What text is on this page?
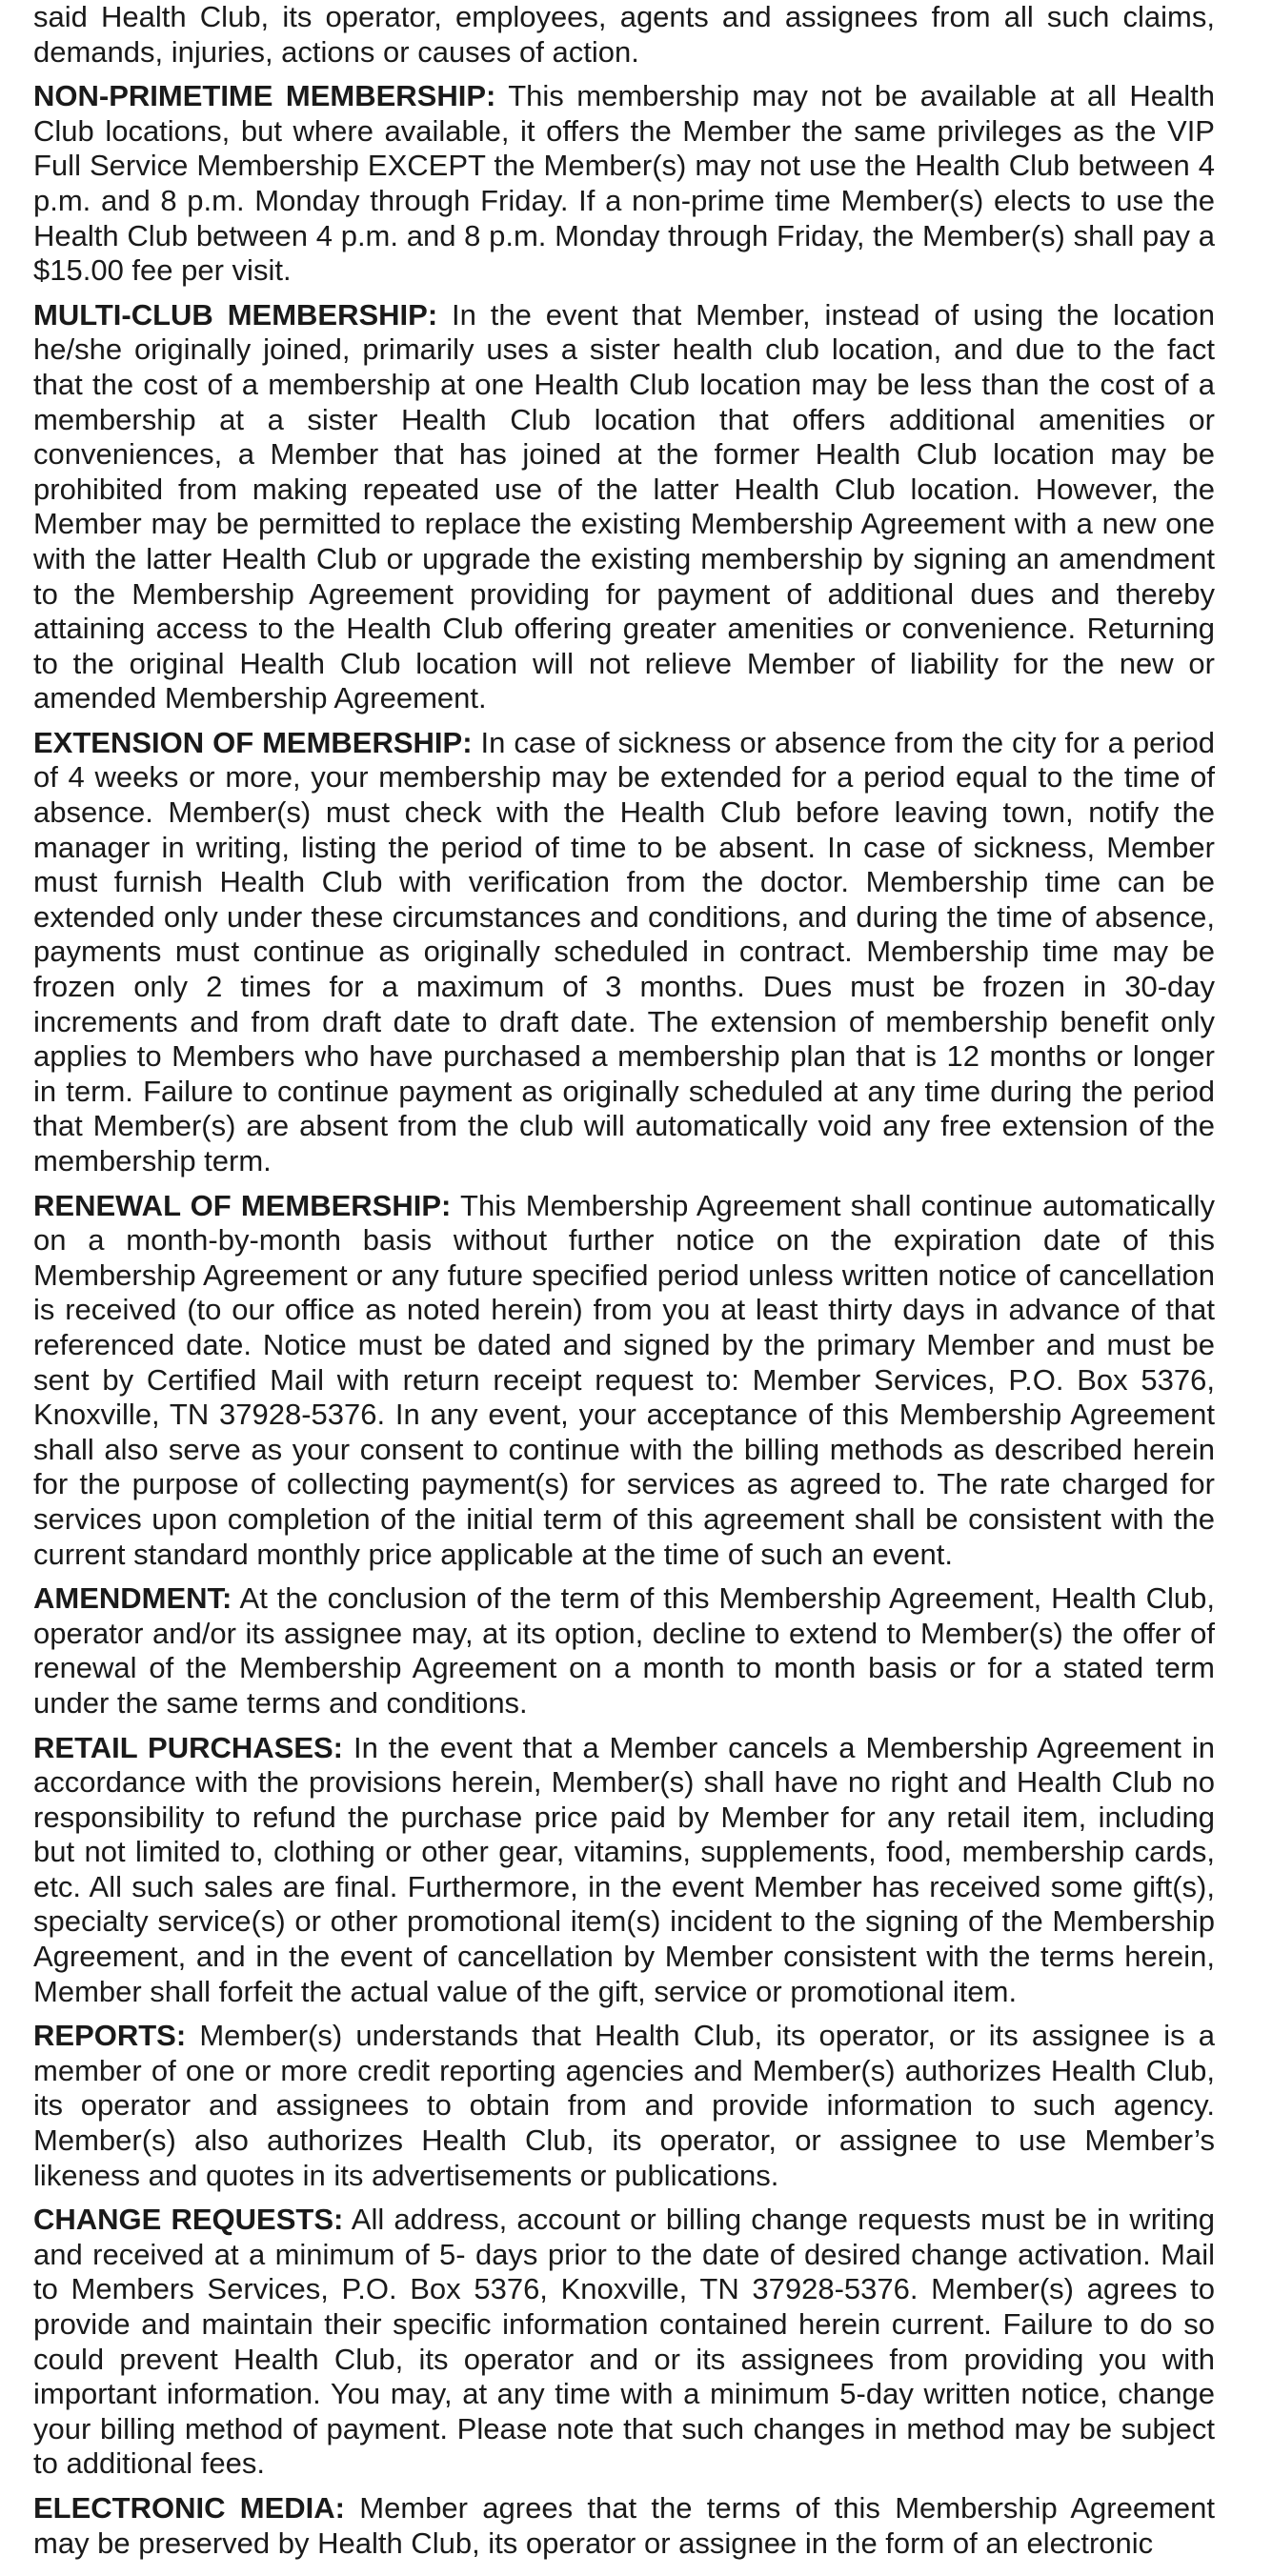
said Health Club, its operator, employees, agents and assignees from all such claims, demands, injuries, actions or causes of action.

NON-PRIMETIME MEMBERSHIP: This membership may not be available at all Health Club locations, but where available, it offers the Member the same privileges as the VIP Full Service Membership EXCEPT the Member(s) may not use the Health Club between 4 p.m. and 8 p.m. Monday through Friday. If a non-prime time Member(s) elects to use the Health Club between 4 p.m. and 8 p.m. Monday through Friday, the Member(s) shall pay a $15.00 fee per visit.

MULTI-CLUB MEMBERSHIP: In the event that Member, instead of using the location he/she originally joined, primarily uses a sister health club location, and due to the fact that the cost of a membership at one Health Club location may be less than the cost of a membership at a sister Health Club location that offers additional amenities or conveniences, a Member that has joined at the former Health Club location may be prohibited from making repeated use of the latter Health Club location. However, the Member may be permitted to replace the existing Membership Agreement with a new one with the latter Health Club or upgrade the existing membership by signing an amendment to the Membership Agreement providing for payment of additional dues and thereby attaining access to the Health Club offering greater amenities or convenience. Returning to the original Health Club location will not relieve Member of liability for the new or amended Membership Agreement.

EXTENSION OF MEMBERSHIP: In case of sickness or absence from the city for a period of 4 weeks or more, your membership may be extended for a period equal to the time of absence. Member(s) must check with the Health Club before leaving town, notify the manager in writing, listing the period of time to be absent. In case of sickness, Member must furnish Health Club with verification from the doctor. Membership time can be extended only under these circumstances and conditions, and during the time of absence, payments must continue as originally scheduled in contract. Membership time may be frozen only 2 times for a maximum of 3 months. Dues must be frozen in 30-day increments and from draft date to draft date. The extension of membership benefit only applies to Members who have purchased a membership plan that is 12 months or longer in term. Failure to continue payment as originally scheduled at any time during the period that Member(s) are absent from the club will automatically void any free extension of the membership term.

RENEWAL OF MEMBERSHIP: This Membership Agreement shall continue automatically on a month-by-month basis without further notice on the expiration date of this Membership Agreement or any future specified period unless written notice of cancellation is received (to our office as noted herein) from you at least thirty days in advance of that referenced date. Notice must be dated and signed by the primary Member and must be sent by Certified Mail with return receipt request to: Member Services, P.O. Box 5376, Knoxville, TN 37928-5376. In any event, your acceptance of this Membership Agreement shall also serve as your consent to continue with the billing methods as described herein for the purpose of collecting payment(s) for services as agreed to. The rate charged for services upon completion of the initial term of this agreement shall be consistent with the current standard monthly price applicable at the time of such an event.

AMENDMENT: At the conclusion of the term of this Membership Agreement, Health Club, operator and/or its assignee may, at its option, decline to extend to Member(s) the offer of renewal of the Membership Agreement on a month to month basis or for a stated term under the same terms and conditions.

RETAIL PURCHASES: In the event that a Member cancels a Membership Agreement in accordance with the provisions herein, Member(s) shall have no right and Health Club no responsibility to refund the purchase price paid by Member for any retail item, including but not limited to, clothing or other gear, vitamins, supplements, food, membership cards, etc. All such sales are final. Furthermore, in the event Member has received some gift(s), specialty service(s) or other promotional item(s) incident to the signing of the Membership Agreement, and in the event of cancellation by Member consistent with the terms herein, Member shall forfeit the actual value of the gift, service or promotional item.

REPORTS: Member(s) understands that Health Club, its operator, or its assignee is a member of one or more credit reporting agencies and Member(s) authorizes Health Club, its operator and assignees to obtain from and provide information to such agency. Member(s) also authorizes Health Club, its operator, or assignee to use Member’s likeness and quotes in its advertisements or publications.

CHANGE REQUESTS: All address, account or billing change requests must be in writing and received at a minimum of 5- days prior to the date of desired change activation. Mail to Members Services, P.O. Box 5376, Knoxville, TN 37928-5376. Member(s) agrees to provide and maintain their specific information contained herein current. Failure to do so could prevent Health Club, its operator and or its assignees from providing you with important information. You may, at any time with a minimum 5-day written notice, change your billing method of payment. Please note that such changes in method may be subject to additional fees.

ELECTRONIC MEDIA: Member agrees that the terms of this Membership Agreement may be preserved by Health Club, its operator or assignee in the form of an electronic
